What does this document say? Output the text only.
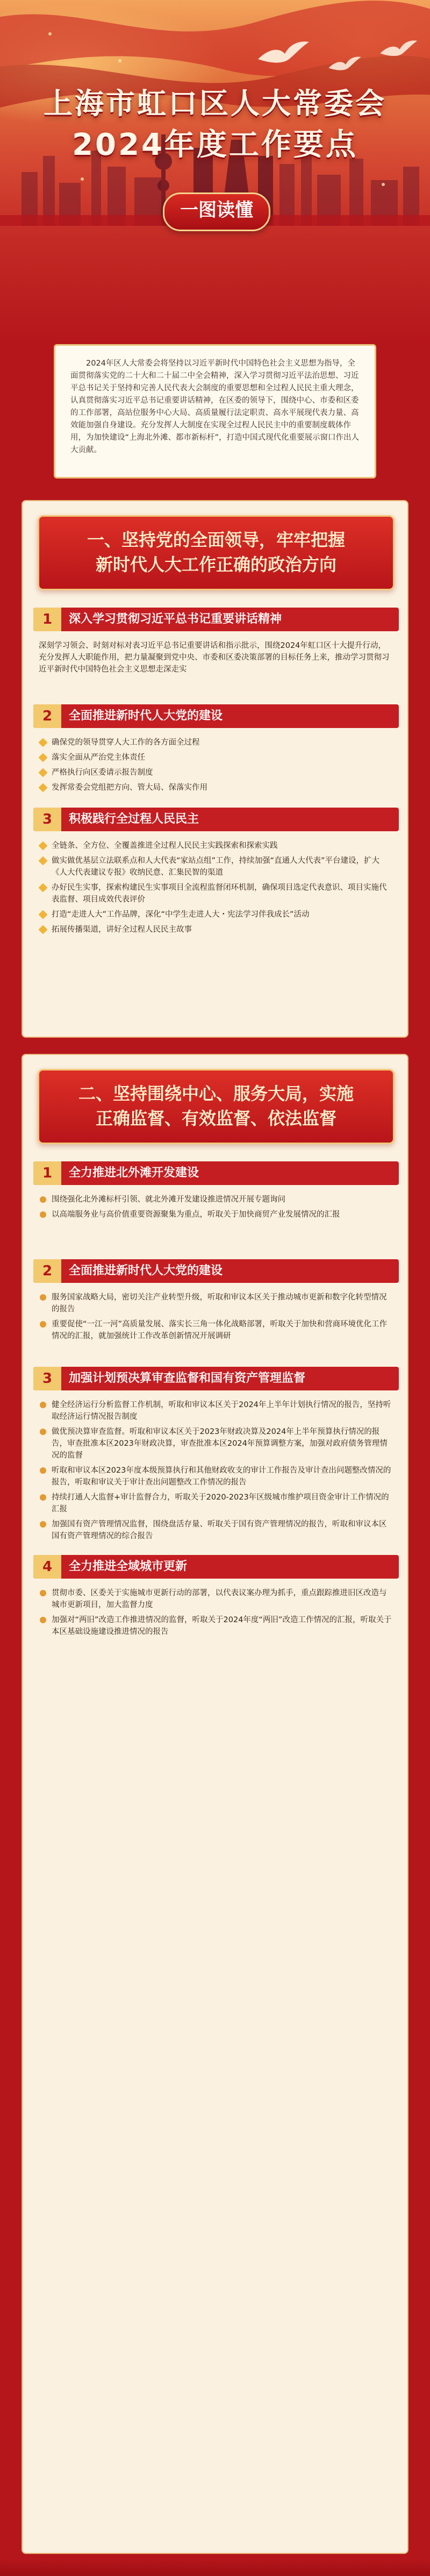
上海市虹口区人大常委会
2024年度工作要点
一图读懂
2024年区人大常委会将坚持以习近平新时代中国特色社会主义思想为指导，全面贯彻落实党的二十大和二十届二中全会精神，深入学习贯彻习近平法治思想、习近平总书记关于坚持和完善人民代表大会制度的重要思想和全过程人民民主重大理念，认真贯彻落实习近平总书记重要讲话精神，在区委的领导下，围绕中心、市委和区委的工作部署，高站位服务中心大局、高质量履行法定职责、高水平展现代表力量、高效能加强自身建设。充分发挥人大制度在实现全过程人民民主中的重要制度载体作用，为加快建设“上海北外滩、都市新标杆”，打造中国式现代化重要展示窗口作出人大贡献。
一、坚持党的全面领导，牢牢把握
新时代人大工作正确的政治方向
1	深入学习贯彻习近平总书记重要讲话精神
深刻学习领会、时刻对标对表习近平总书记重要讲话和指示批示，围绕2024年虹口区十大提升行动，充分发挥人大职能作用，把力量凝聚到党中央、市委和区委决策部署的目标任务上来，推动学习贯彻习近平新时代中国特色社会主义思想走深走实
2	全面推进新时代人大党的建设
确保党的领导贯穿人大工作的各方面全过程
落实全面从严治党主体责任
严格执行向区委请示报告制度
发挥常委会党组把方向、管大局、保落实作用
3	积极践行全过程人民民主
全链条、全方位、全覆盖推进全过程人民民主实践探索和探索实践
做实做优基层立法联系点和人大代表“家站点组”工作，持续加强“直通人大代表”平台建设，扩大《人大代表建议专报》收纳民意、汇集民智的渠道
办好民生实事，探索构建民生实事项目全流程监督闭环机制，确保项目选定代表意识、项目实施代表监督、项目成效代表评价
打造“走进人大”工作品牌，深化“中学生走进人大・宪法学习伴我成长”活动
拓展传播渠道，讲好全过程人民民主故事
二、坚持围绕中心、服务大局，实施
正确监督、有效监督、依法监督
1	全力推进北外滩开发建设
围绕强化北外滩标杆引领、就北外滩开发建设推进情况开展专题询问
以高端服务业与高价值重要资源聚集为重点，听取关于加快商贸产业发展情况的汇报
2	全面推进新时代人大党的建设
服务国家战略大局，密切关注产业转型升级，听取和审议本区关于推动城市更新和数字化转型情况的报告
重要促使“一江一河”高质量发展、落实长三角一体化战略部署，听取关于加快和营商环境优化工作情况的汇报，就加强统计工作改革创新情况开展调研
3	加强计划预决算审查监督和国有资产管理监督
健全经济运行分析监督工作机制，听取和审议本区关于2024年上半年计划执行情况的报告，坚持听取经济运行情况报告制度
做优预决算审查监督。听取和审议本区关于2023年财政决算及2024年上半年预算执行情况的报告，审查批准本区2023年财政决算，审查批准本区2024年预算调整方案，加强对政府债务管理情况的监督
听取和审议本区2023年度本级预算执行和其他财政收支的审计工作报告及审计查出问题整改情况的报告，听取和审议关于审计查出问题整改工作情况的报告
持续打通人大监督+审计监督合力，听取关于2020-2023年区级城市维护项目资金审计工作情况的汇报
加强国有资产管理情况监督，围绕盘活存量、听取关于国有资产管理情况的报告，听取和审议本区国有资产管理情况的综合报告
4	全力推进全域城市更新
贯彻市委、区委关于实施城市更新行动的部署，以代表议案办理为抓手，重点跟踪推进旧区改造与城市更新项目，加大监督力度
加强对“两旧”改造工作推进情况的监督，听取关于2024年度“两旧”改造工作情况的汇报，听取关于本区基础设施建设推进情况的报告
